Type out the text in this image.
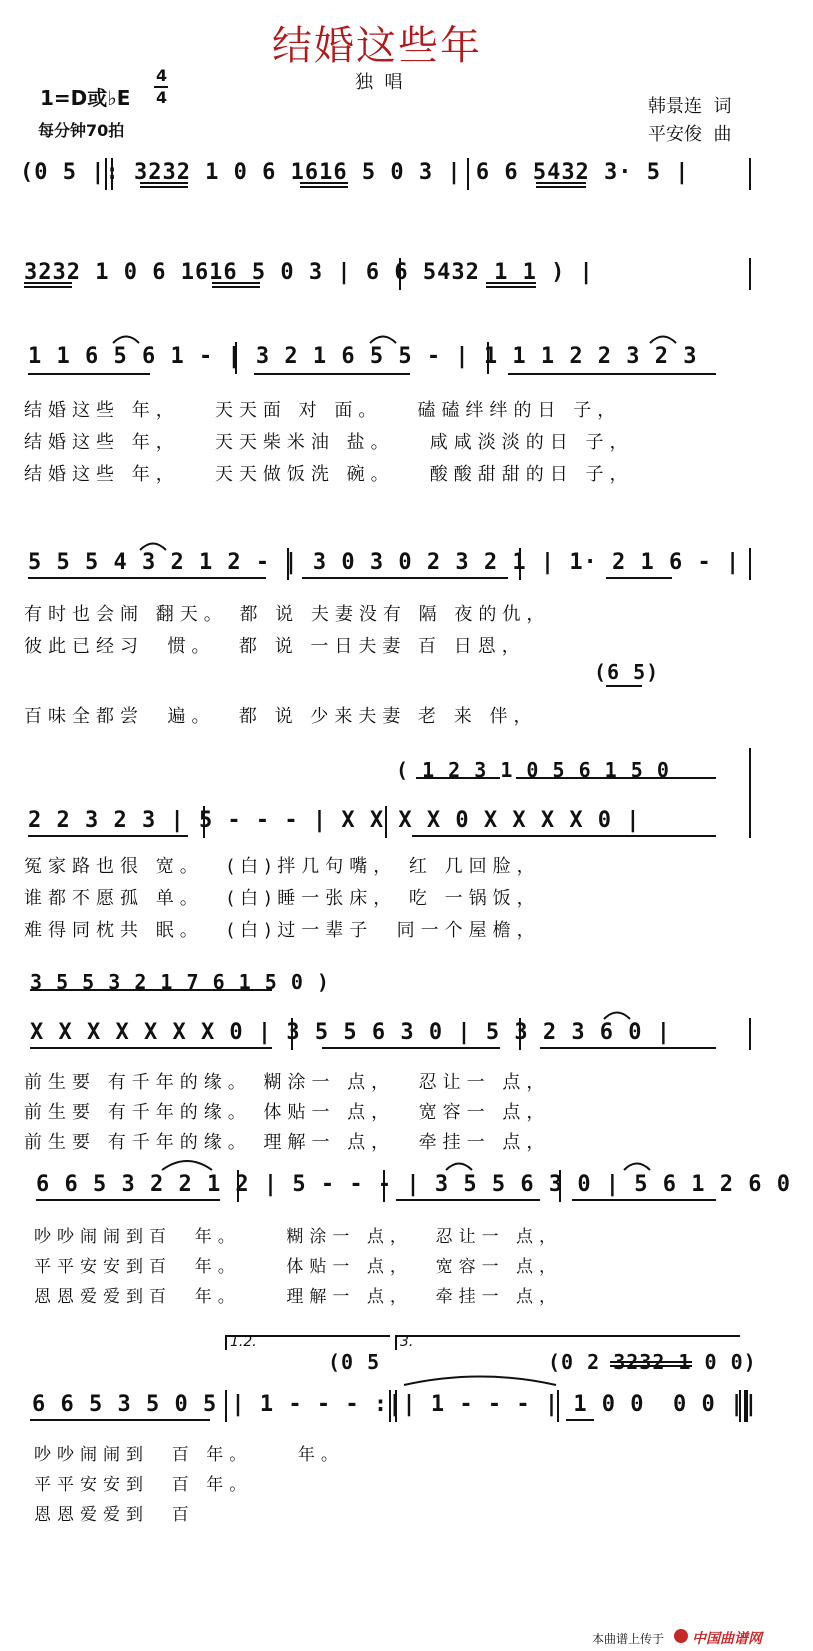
结婚这些年
独  唱
1=D或♭E
4
4
每分钟70拍
韩景连  词
平安俊  曲
(0 5 |: 3232 1 0 6 1616 5 0 3 | 6 6 5432 3· 5 |
3232 1 0 6 1616 5 0 3 | 6 6 5432 1 1 ) |
1 1 6 5 6 1 - | 3 2 1 6 5 5 - | 1 1 1 2 2 3 2 3
结婚这些 年，   天天面 对 面。   磕磕绊绊的日 子，
结婚这些 年，   天天柴米油 盐。   咸咸淡淡的日 子，
结婚这些 年，   天天做饭洗 碗。   酸酸甜甜的日 子，
5 5 5 4 3 2 1 2 - | 3 0 3 0 2 3 2 1 | 1· 2 1 6 - |
有时也会闹 翻天。 都 说 夫妻没有 隔 夜的仇，
彼此已经习  惯。  都 说 一日夫妻 百 日恩，
(6 5)
百味全都尝  遍。  都 说 少来夫妻 老 来 伴，
( 1 2 3 1 0 5 6 1 5 0
2 2 3 2 3 | 5 - - - | X X X X 0 X X X X 0 |
冤家路也很 宽。  (白)拌几句嘴， 红 几回脸，
谁都不愿孤 单。  (白)睡一张床， 吃 一锅饭，
难得同枕共 眠。  (白)过一辈子  同一个屋檐，
3 5 5 3 2 1 7 6 1 5 0 )
X X X X X X X 0 | 3 5 5 6 3 0 | 5 3 2 3 6 0 |
前生要 有千年的缘。 糊涂一 点，  忍让一 点，
前生要 有千年的缘。 体贴一 点，  宽容一 点，
前生要 有千年的缘。 理解一 点，  牵挂一 点，
6 6 5 3 2 2 1 2 | 5 - - - | 3 5 5 6 3 0 | 5 6 1 2 6 0
吵吵闹闹到百  年。    糊涂一 点，  忍让一 点，
平平安安到百  年。    体贴一 点，  宽容一 点，
恩恩爱爱到百  年。    理解一 点，  牵挂一 点，
1.2.
(0 5
3.
(0 2 3232 1 0 0)
6 6 5 3 5 0 5 | 1 - - - :|| 1 - - - | 1 0 0  0 0 ||
吵吵闹闹到  百 年。    年。
平平安安到  百 年。
恩恩爱爱到  百
本曲谱上传于 中国曲谱网
